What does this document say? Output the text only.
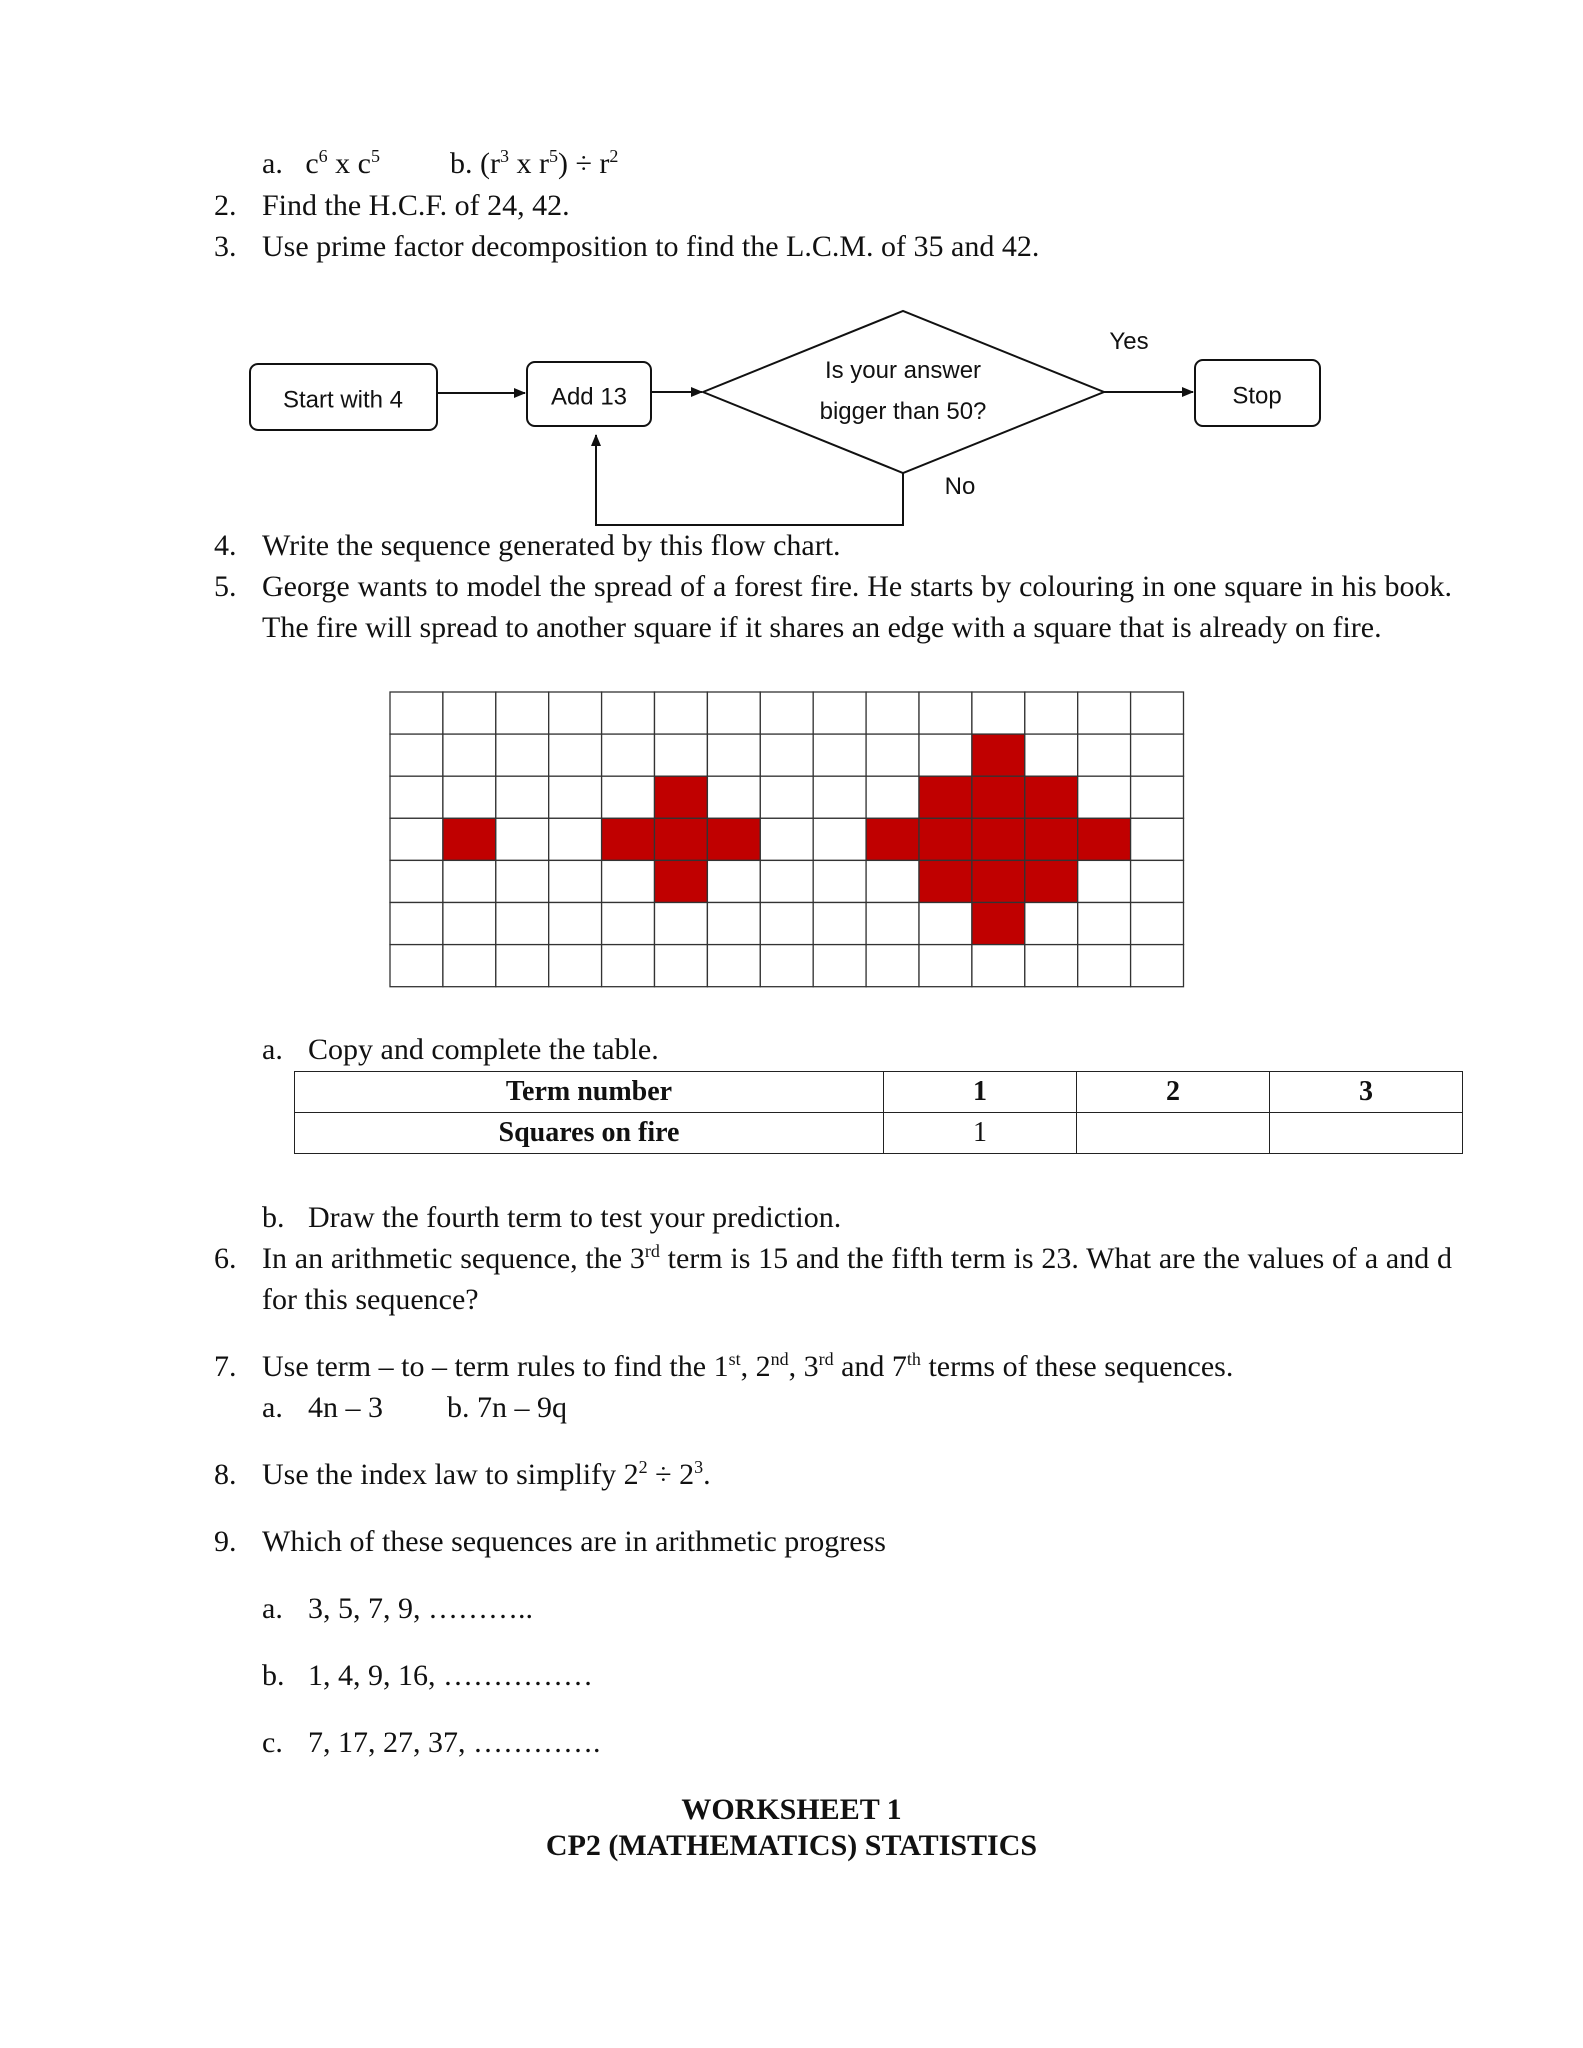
a. $c^6$ x $c^5$ b. ($r^3$ x $r^5) \div r^2$
2. Find the H.C.F. of 24, 42.
3. Use prime factor decomposition to find the L.C.M. of 35 and 42.
Start with 4	Add 13
Is your answer
bigger than 50?
Yes
Stop
No
4. Write the sequence generated by this flow chart.
5. George wants to model the spread of a forest fire. He starts by colouring in one square in his book. The fire will spread to another square if it shares an edge with a square that is already on fire.
a. Copy and complete the table.
Term number	1	2	3
Squares on fire	1		
b. Draw the fourth term to test your prediction.
6. In an arithmetic sequence, the 3rd term is 15 and the fifth term is 23. What are the values of a and d for this sequence?
7. Use term – to – term rules to find the 1st, 2nd, 3rd and 7th terms of these sequences.
a. 4n – 3 b. 7n – 9q
8. Use the index law to simplify $2^2 \div 2^3$.
9. Which of these sequences are in arithmetic progress
a. 3, 5, 7, 9, ………..
b. 1, 4, 9, 16, ……………
c. 7, 17, 27, 37, ………….
WORKSHEET 1
CP2 (MATHEMATICS) STATISTICS
